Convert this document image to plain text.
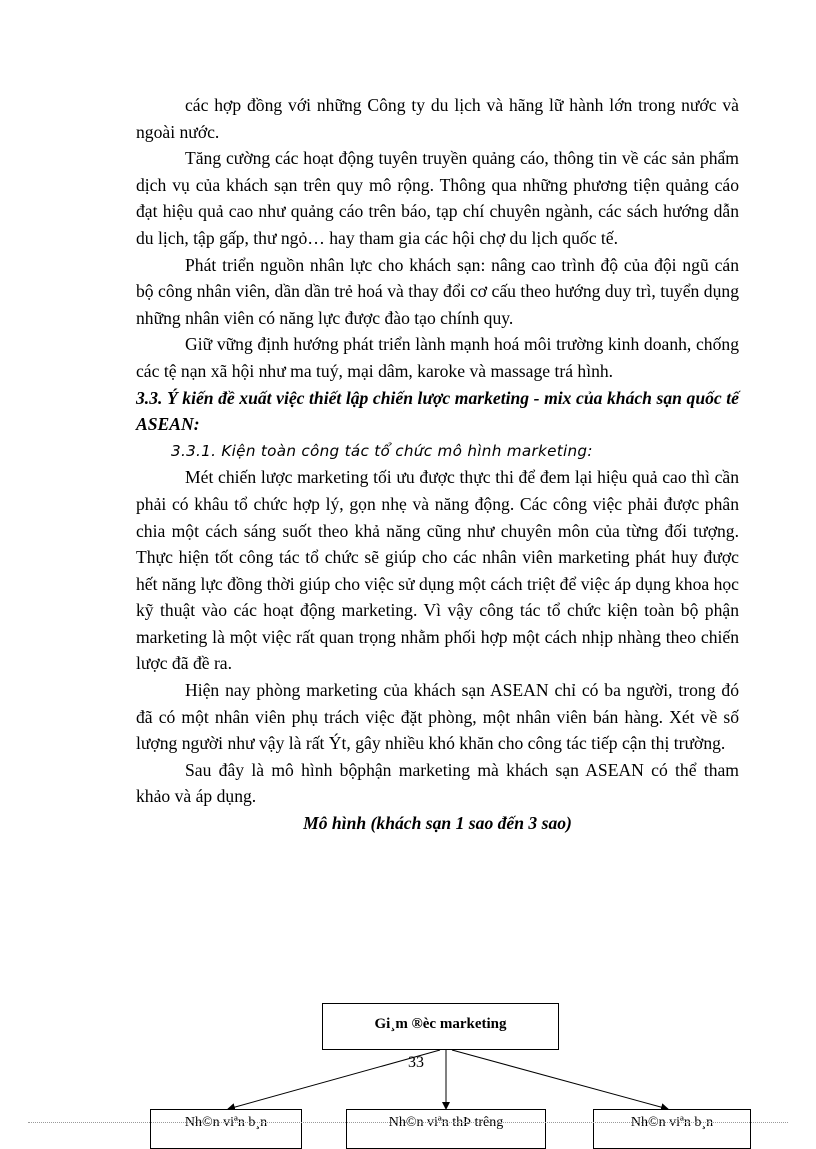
các hợp đồng với những Công ty du lịch và hãng lữ hành lớn trong nước và ngoài nước.

Tăng cường các hoạt động tuyên truyền quảng cáo, thông tin về các sản phẩm dịch vụ của khách sạn trên quy mô rộng. Thông qua những phương tiện quảng cáo đạt hiệu quả cao như quảng cáo trên báo, tạp chí chuyên ngành, các sách hướng dẫn du lịch, tập gấp, thư ngỏ… hay tham gia các hội chợ du lịch quốc tế.

Phát triển nguồn nhân lực cho khách sạn: nâng cao trình độ của đội ngũ cán bộ công nhân viên, dần dần trẻ hoá và thay đổi cơ cấu theo hướng duy trì, tuyển dụng những nhân viên có năng lực được đào tạo chính quy.

Giữ vững định hướng phát triển lành mạnh hoá môi trường kinh doanh, chống các tệ nạn xã hội như ma tuý, mại dâm, karoke và massage trá hình.

3.3. Ý kiến đề xuất việc thiết lập chiến lược marketing - mix của khách sạn quốc tế ASEAN:

3.3.1. Kiện toàn công tác tổ chức mô hình marketing:

Mét chiến lược marketing tối ưu được thực thi để đem lại hiệu quả cao thì cần phải có khâu tổ chức hợp lý, gọn nhẹ và năng động. Các công việc phải được phân chia một cách sáng suốt theo khả năng cũng như chuyên môn của từng đối tượng. Thực hiện tốt công tác tổ chức sẽ giúp cho các nhân viên marketing phát huy được hết năng lực đồng thời giúp cho việc sử dụng một cách triệt để việc áp dụng khoa học kỹ thuật vào các hoạt động marketing. Vì vậy công tác tổ chức kiện toàn bộ phận marketing là một việc rất quan trọng nhằm phối hợp một cách nhịp nhàng theo chiến lược đã đề ra.

Hiện nay phòng marketing của khách sạn ASEAN chỉ có ba người, trong đó đã có một nhân viên phụ trách việc đặt phòng, một nhân viên bán hàng. Xét về số lượng người như vậy là rất Ýt, gây nhiều khó khăn cho công tác tiếp cận thị trường.

Sau đây là mô hình bộphận marketing mà khách sạn ASEAN có thể tham khảo và áp dụng.

Mô hình (khách sạn 1 sao đến 3 sao)

Gi¸m ®èc marketing
Nh©n viªn b¸n	Nh©n viªn thÞ trêng	Nh©n viªn b¸n
33
